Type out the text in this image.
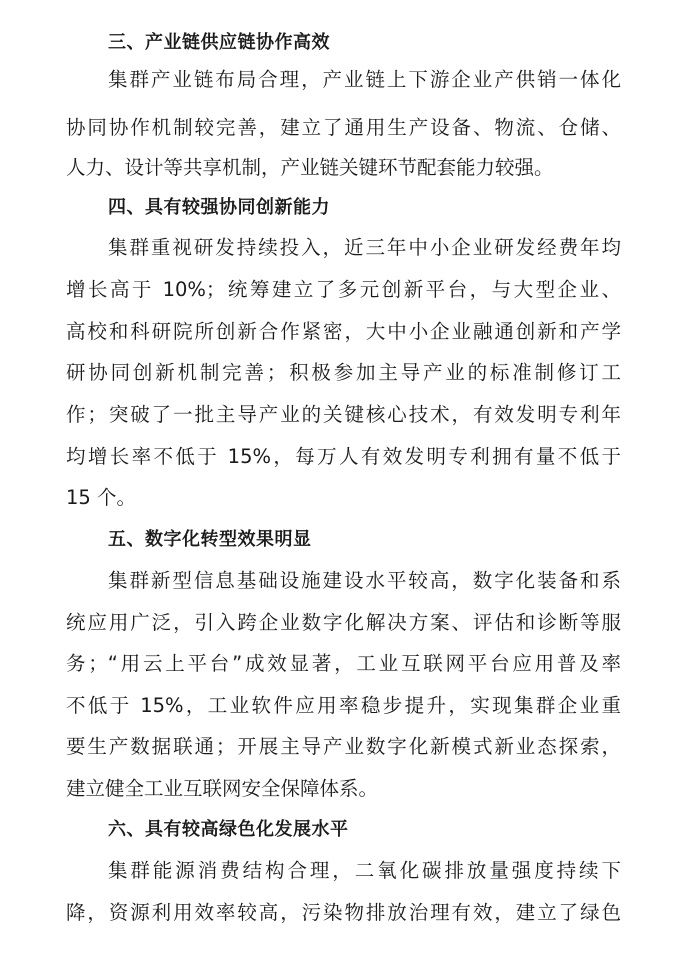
三、产业链供应链协作高效
集群产业链布局合理，产业链上下游企业产供销一体化
协同协作机制较完善，建立了通用生产设备、物流、仓储、
人力、设计等共享机制，产业链关键环节配套能力较强。
四、具有较强协同创新能力
集群重视研发持续投入，近三年中小企业研发经费年均
增长高于 10%；统筹建立了多元创新平台，与大型企业、
高校和科研院所创新合作紧密，大中小企业融通创新和产学
研协同创新机制完善；积极参加主导产业的标准制修订工
作；突破了一批主导产业的关键核心技术，有效发明专利年
均增长率不低于 15%，每万人有效发明专利拥有量不低于
15 个。
五、数字化转型效果明显
集群新型信息基础设施建设水平较高，数字化装备和系
统应用广泛，引入跨企业数字化解决方案、评估和诊断等服
务；“用云上平台”成效显著，工业互联网平台应用普及率
不低于 15%，工业软件应用率稳步提升，实现集群企业重
要生产数据联通；开展主导产业数字化新模式新业态探索，
建立健全工业互联网安全保障体系。
六、具有较高绿色化发展水平
集群能源消费结构合理，二氧化碳排放量强度持续下
降，资源利用效率较高，污染物排放治理有效，建立了绿色
